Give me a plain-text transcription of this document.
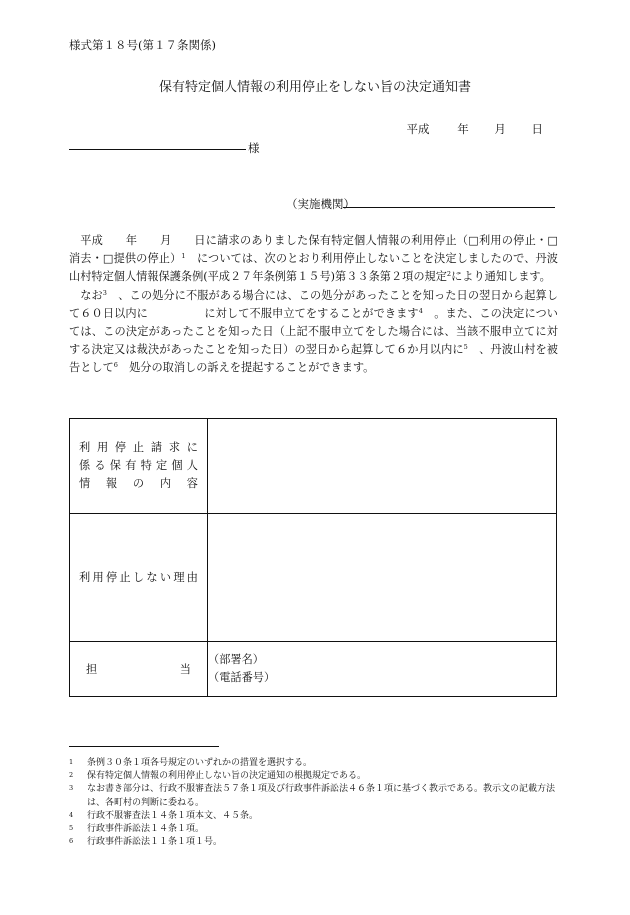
様式第１８号(第１７条関係)
保有特定個人情報の利用停止をしない旨の決定通知書
平成 年 月 日
様
（実施機関）

平成　　年　　月　　日に請求のありました保有特定個人情報の利用停止（□利用の停止・□消去・□提供の停止）$^1$　については、次のとおり利用停止しないことを決定しましたので、丹波山村特定個人情報保護条例(平成２７年条例第１５号)第３３条第２項の規定$^2$により通知します。

なお$^3$　、この処分に不服がある場合には、この処分があったことを知った日の翌日から起算して６０日以内に　　　　　に対して不服申立てをすることができます$^4$　。また、この決定については、この決定があったことを知った日（上記不服申立てをした場合には、当該不服申立てに対する決定又は裁決があったことを知った日）の翌日から起算して６か月以内に$^5$　、丹波山村を被告として$^6$　処分の取消しの訴えを提起することができます。

利用停止請求に
係る保有特定個人
情報の内容	

利用停止しない理由	

担 当	（部署名）
（電話番号）
1	条例３０条１項各号規定のいずれかの措置を選択する。
2	保有特定個人情報の利用停止しない旨の決定通知の根拠規定である。
3	なお書き部分は、行政不服審査法５７条１項及び行政事件訴訟法４６条１項に基づく教示である。教示文の記載方法は、各町村の判断に委ねる。
4	行政不服審査法１４条１項本文、４５条。
5	行政事件訴訟法１４条１項。
6	行政事件訴訟法１１条１項１号。
